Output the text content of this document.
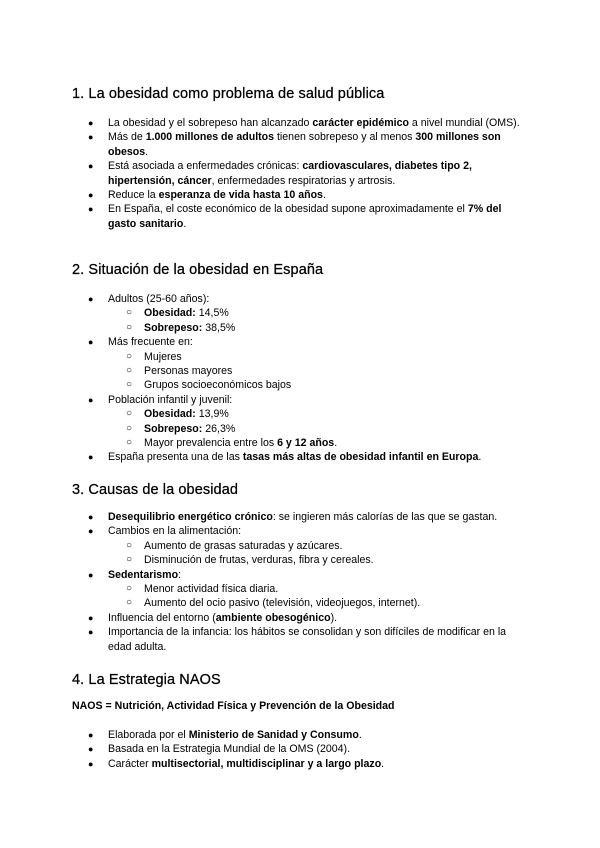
1. La obesidad como problema de salud pública
● La obesidad y el sobrepeso han alcanzado carácter epidémico a nivel mundial (OMS).
● Más de 1.000 millones de adultos tienen sobrepeso y al menos 300 millones son obesos.
● Está asociada a enfermedades crónicas: cardiovasculares, diabetes tipo 2, hipertensión, cáncer, enfermedades respiratorias y artrosis.
● Reduce la esperanza de vida hasta 10 años.
● En España, el coste económico de la obesidad supone aproximadamente el 7% del gasto sanitario.
2. Situación de la obesidad en España
● Adultos (25-60 años):
○ Obesidad: 14,5%
○ Sobrepeso: 38,5%
● Más frecuente en:
○ Mujeres
○ Personas mayores
○ Grupos socioeconómicos bajos
● Población infantil y juvenil:
○ Obesidad: 13,9%
○ Sobrepeso: 26,3%
○ Mayor prevalencia entre los 6 y 12 años.
● España presenta una de las tasas más altas de obesidad infantil en Europa.
3. Causas de la obesidad
● Desequilibrio energético crónico: se ingieren más calorías de las que se gastan.
● Cambios en la alimentación:
○ Aumento de grasas saturadas y azúcares.
○ Disminución de frutas, verduras, fibra y cereales.
● Sedentarismo:
○ Menor actividad física diaria.
○ Aumento del ocio pasivo (televisión, videojuegos, internet).
● Influencia del entorno (ambiente obesogénico).
● Importancia de la infancia: los hábitos se consolidan y son difíciles de modificar en la edad adulta.
4. La Estrategia NAOS

NAOS = Nutrición, Actividad Física y Prevención de la Obesidad

● Elaborada por el Ministerio de Sanidad y Consumo.
● Basada en la Estrategia Mundial de la OMS (2004).
● Carácter multisectorial, multidisciplinar y a largo plazo.
